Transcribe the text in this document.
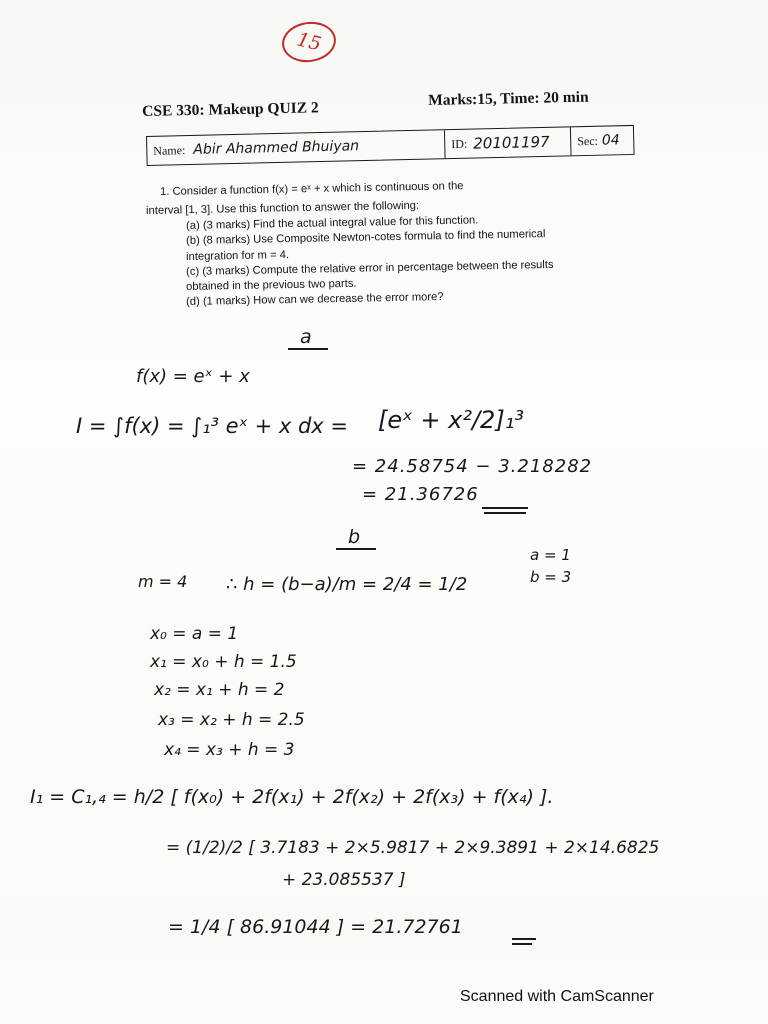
15
CSE 330: Makeup QUIZ 2
Marks:15, Time: 20 min
Name: Abir Ahammed Bhuiyan	ID: 20101197 Sec: 04
1. Consider a function f(x) = eˣ + x which is continuous on the
interval [1, 3]. Use this function to answer the following:
(a) (3 marks) Find the actual integral value for this function.
(b) (8 marks) Use Composite Newton-cotes formula to find the numerical
integration for m = 4.
(c) (3 marks) Compute the relative error in percentage between the results
obtained in the previous two parts.
(d) (1 marks) How can we decrease the error more?
a
f(x) = eˣ + x
I = ∫f(x) = ∫₁³ eˣ + x dx = [eˣ + x²/2]₁³
= 24.58754 − 3.218282
= 21.36726
b
a = 1
b = 3
m = 4 ∴ h = (b−a)/m = 2/4 = 1/2
x₀ = a = 1
x₁ = x₀ + h = 1.5
x₂ = x₁ + h = 2
x₃ = x₂ + h = 2.5
x₄ = x₃ + h = 3
I₁ = C₁,₄ = h/2 [ f(x₀) + 2f(x₁) + 2f(x₂) + 2f(x₃) + f(x₄) ].
= (1/2)/2 [ 3.7183 + 2×5.9817 + 2×9.3891 + 2×14.6825
+ 23.085537 ]
= 1/4 [ 86.91044 ] = 21.72761
Scanned with CamScanner
